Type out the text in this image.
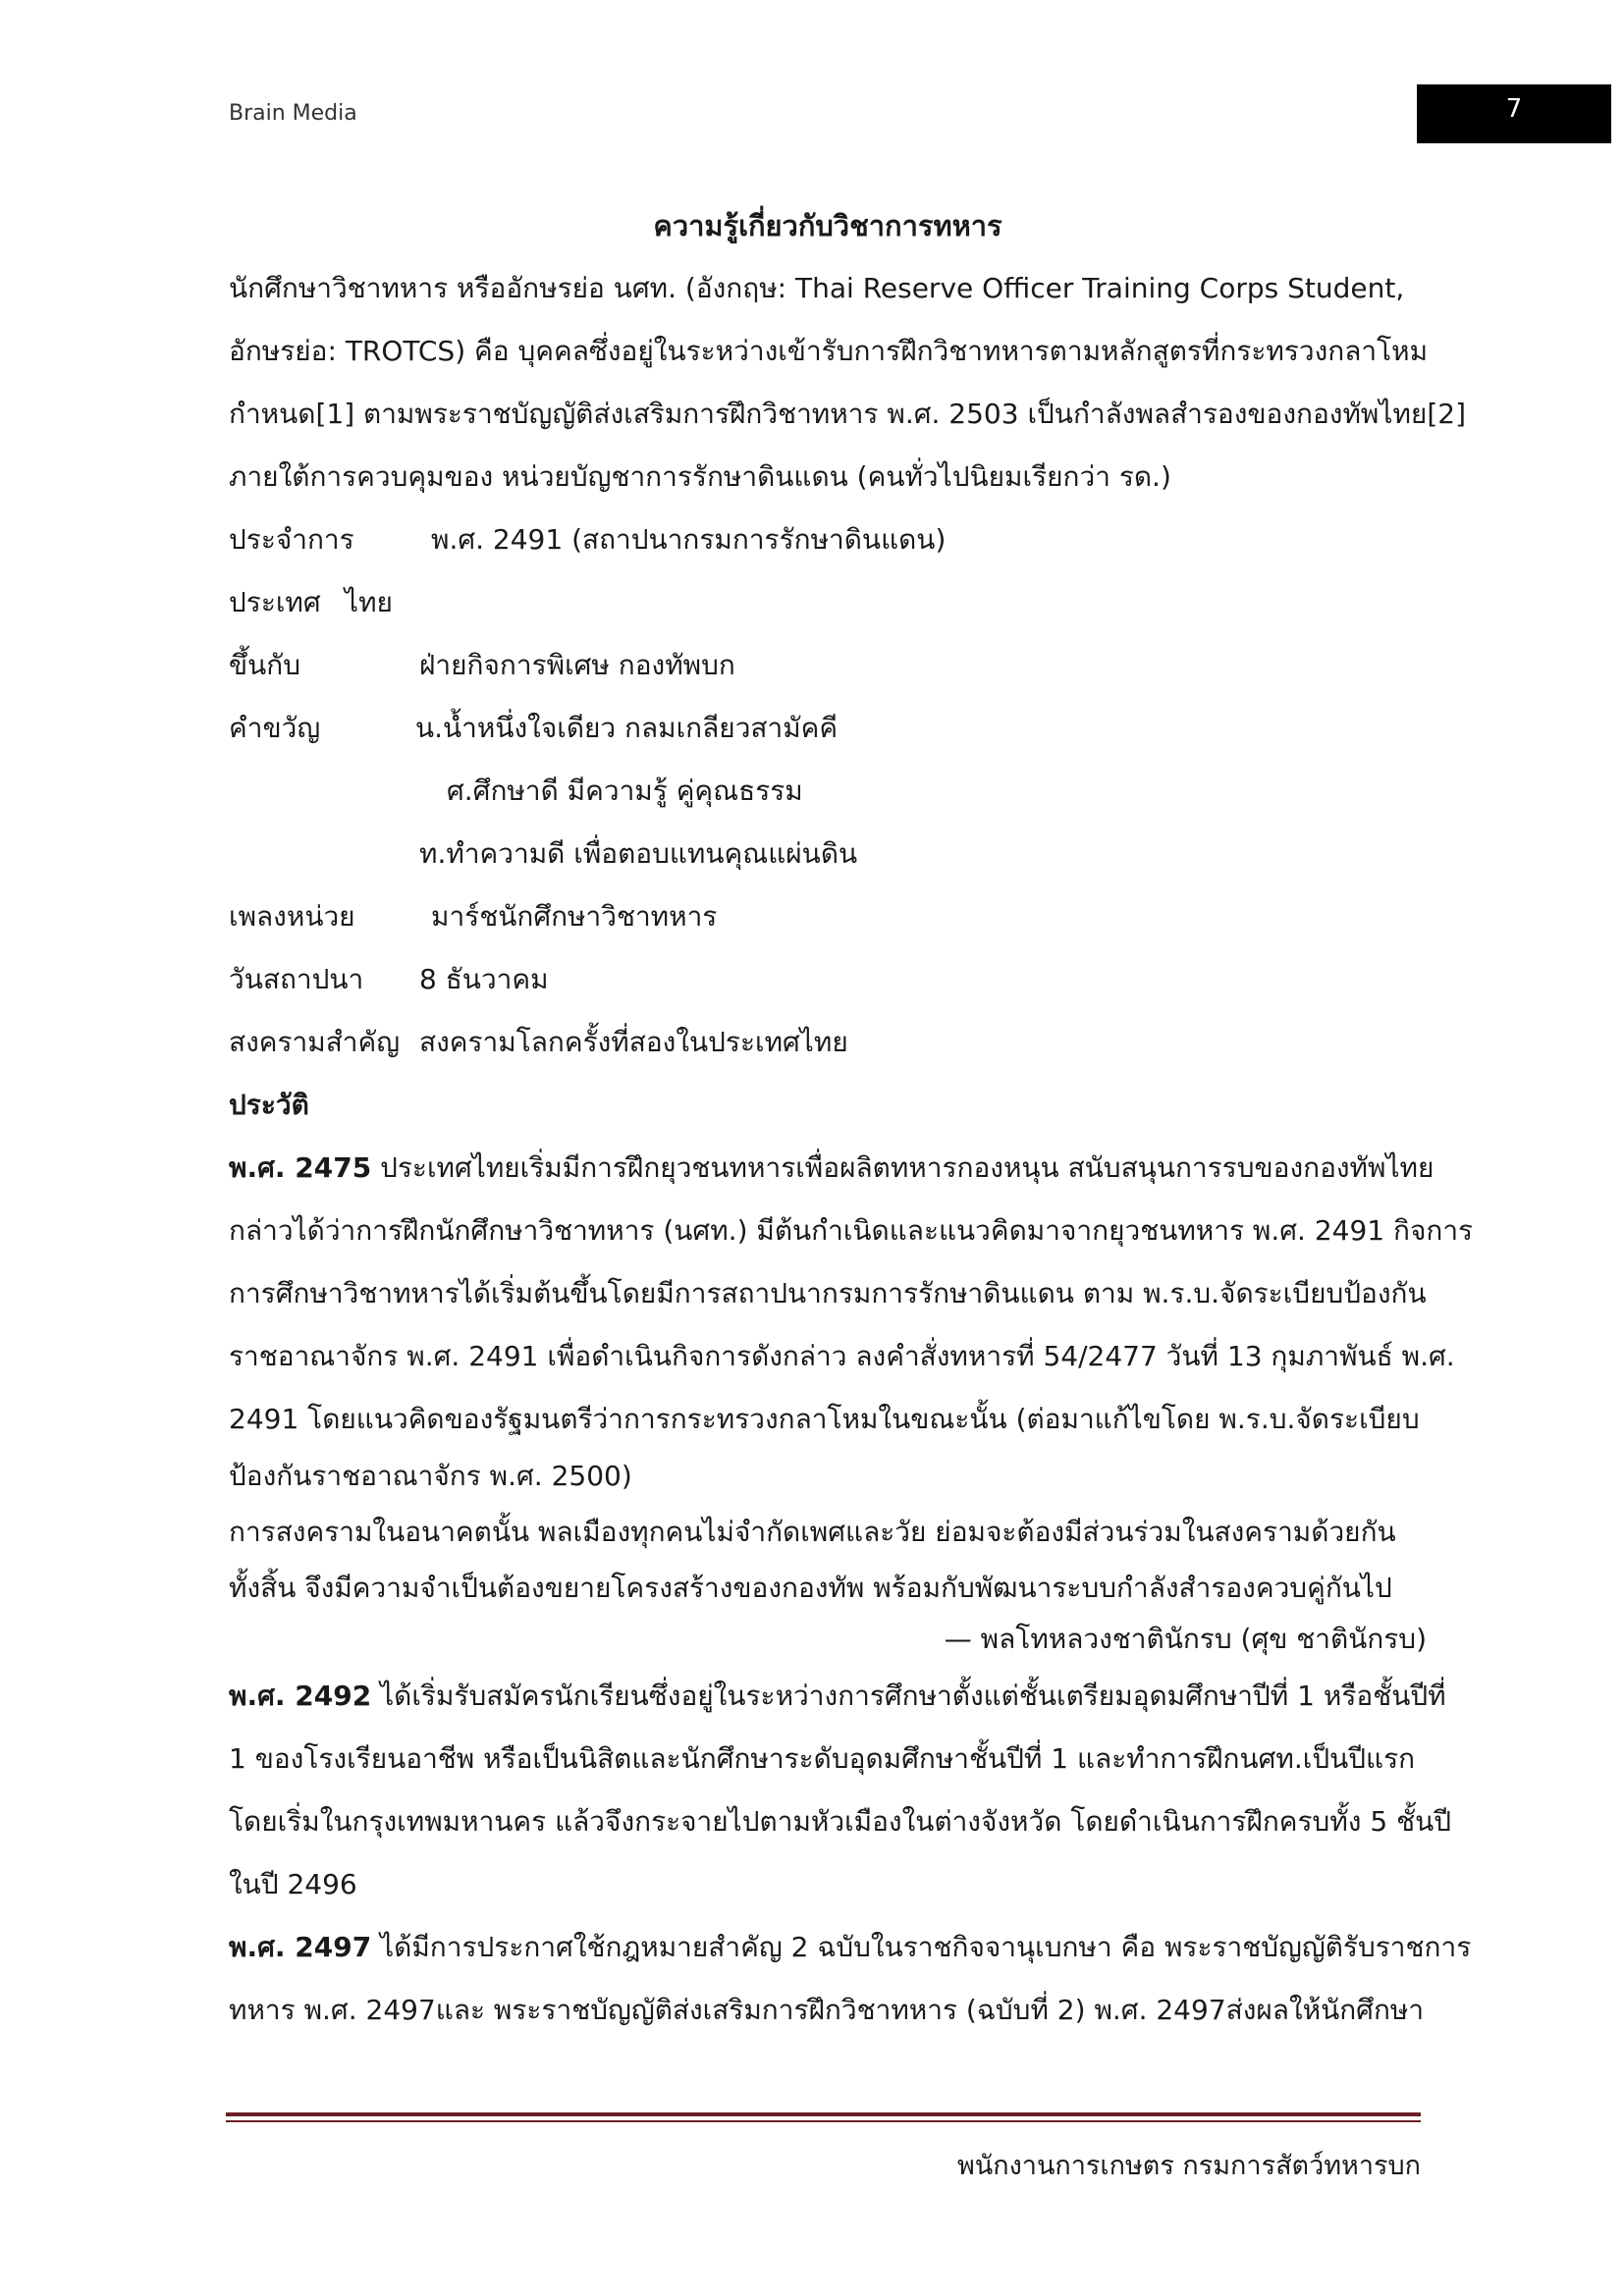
Brain Media	7
ความรู้เกี่ยวกับวิชาการทหาร
นักศึกษาวิชาทหาร หรืออักษรย่อ นศท. (อังกฤษ: Thai Reserve Officer Training Corps Student,
อักษรย่อ: TROTCS) คือ บุคคลซึ่งอยู่ในระหว่างเข้ารับการฝึกวิชาทหารตามหลักสูตรที่กระทรวงกลาโหม
กำหนด[1] ตามพระราชบัญญัติส่งเสริมการฝึกวิชาทหาร พ.ศ. 2503 เป็นกำลังพลสำรองของกองทัพไทย[2]
ภายใต้การควบคุมของ หน่วยบัญชาการรักษาดินแดน (คนทั่วไปนิยมเรียกว่า รด.)
ประจำการ	พ.ศ. 2491 (สถาปนากรมการรักษาดินแดน)
ประเทศ ไทย
ขึ้นกับ	ฝ่ายกิจการพิเศษ กองทัพบก
คำขวัญ	น.น้ำหนึ่งใจเดียว กลมเกลียวสามัคคี
ศ.ศึกษาดี มีความรู้ คู่คุณธรรม
ท.ทำความดี เพื่อตอบแทนคุณแผ่นดิน
เพลงหน่วย	มาร์ชนักศึกษาวิชาทหาร
วันสถาปนา 8 ธันวาคม
สงครามสำคัญ สงครามโลกครั้งที่สองในประเทศไทย
ประวัติ
พ.ศ. 2475 ประเทศไทยเริ่มมีการฝึกยุวชนทหารเพื่อผลิตทหารกองหนุน สนับสนุนการรบของกองทัพไทย
กล่าวได้ว่าการฝึกนักศึกษาวิชาทหาร (นศท.) มีต้นกำเนิดและแนวคิดมาจากยุวชนทหาร พ.ศ. 2491 กิจการ
การศึกษาวิชาทหารได้เริ่มต้นขึ้นโดยมีการสถาปนากรมการรักษาดินแดน ตาม พ.ร.บ.จัดระเบียบป้องกัน
ราชอาณาจักร พ.ศ. 2491 เพื่อดำเนินกิจการดังกล่าว ลงคำสั่งทหารที่ 54/2477 วันที่ 13 กุมภาพันธ์ พ.ศ.
2491 โดยแนวคิดของรัฐมนตรีว่าการกระทรวงกลาโหมในขณะนั้น (ต่อมาแก้ไขโดย พ.ร.บ.จัดระเบียบ
ป้องกันราชอาณาจักร พ.ศ. 2500)
การสงครามในอนาคตนั้น พลเมืองทุกคนไม่จำกัดเพศและวัย ย่อมจะต้องมีส่วนร่วมในสงครามด้วยกัน
ทั้งสิ้น จึงมีความจำเป็นต้องขยายโครงสร้างของกองทัพ พร้อมกับพัฒนาระบบกำลังสำรองควบคู่กันไป
— พลโทหลวงชาตินักรบ (ศุข ชาตินักรบ)
พ.ศ. 2492 ได้เริ่มรับสมัครนักเรียนซึ่งอยู่ในระหว่างการศึกษาตั้งแต่ชั้นเตรียมอุดมศึกษาปีที่ 1 หรือชั้นปีที่
1 ของโรงเรียนอาชีพ หรือเป็นนิสิตและนักศึกษาระดับอุดมศึกษาชั้นปีที่ 1 และทำการฝึกนศท.เป็นปีแรก
โดยเริ่มในกรุงเทพมหานคร แล้วจึงกระจายไปตามหัวเมืองในต่างจังหวัด โดยดำเนินการฝึกครบทั้ง 5 ชั้นปี
ในปี 2496
พ.ศ. 2497 ได้มีการประกาศใช้กฎหมายสำคัญ 2 ฉบับในราชกิจจานุเบกษา คือ พระราชบัญญัติรับราชการ
ทหาร พ.ศ. 2497และ พระราชบัญญัติส่งเสริมการฝึกวิชาทหาร (ฉบับที่ 2) พ.ศ. 2497ส่งผลให้นักศึกษา
พนักงานการเกษตร กรมการสัตว์ทหารบก
